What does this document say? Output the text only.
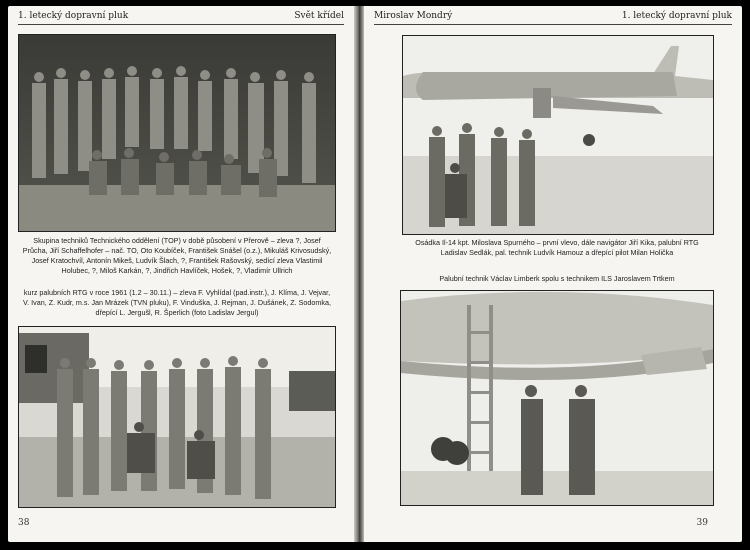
1. letecký dopravní pluk	Svět křídel
Skupina techniků Technického oddělení (TOP) v době působení v Přerově – zleva ?, Josef Průcha, Jiří Schaffelhofer – nač. TO, Oto Koubíček, František Snášel (o.z.), Mikuláš Krivosudský, Josef Kratochvíl, Antonín Mikeš, Ludvík Šlach, ?, František Rašovský, sedící zleva Vlastimil Holubec, ?, Miloš Karkán, ?, Jindřich Havlíček, Hošek, ?, Vladimír Ullrich
kurz palubních RTG v roce 1961 (1.2 – 30.11.) – zleva F. Vyhlídal (pad.instr.), J. Klíma, J. Vejvar, V. Ivan, Z. Kudr, m.s. Jan Mrázek (TVN pluku), F. Vinduška, J. Rejman, J. Dušánek, Z. Sodomka, dřepící L. Jergušl, R. Šperlich (foto Ladislav Jergul)
38
Miroslav Mondrý	1. letecký dopravní pluk
Osádka Il-14 kpt. Miloslava Spurného – první vlevo, dále navigátor Jiří Kika, palubní RTG Ladislav Sedlák, pal. technik Ludvík Hamouz a dřepící pilot Milan Holička
Palubní technik Václav Limberk spolu s technikem ILS Jaroslavem Trtkem
39
